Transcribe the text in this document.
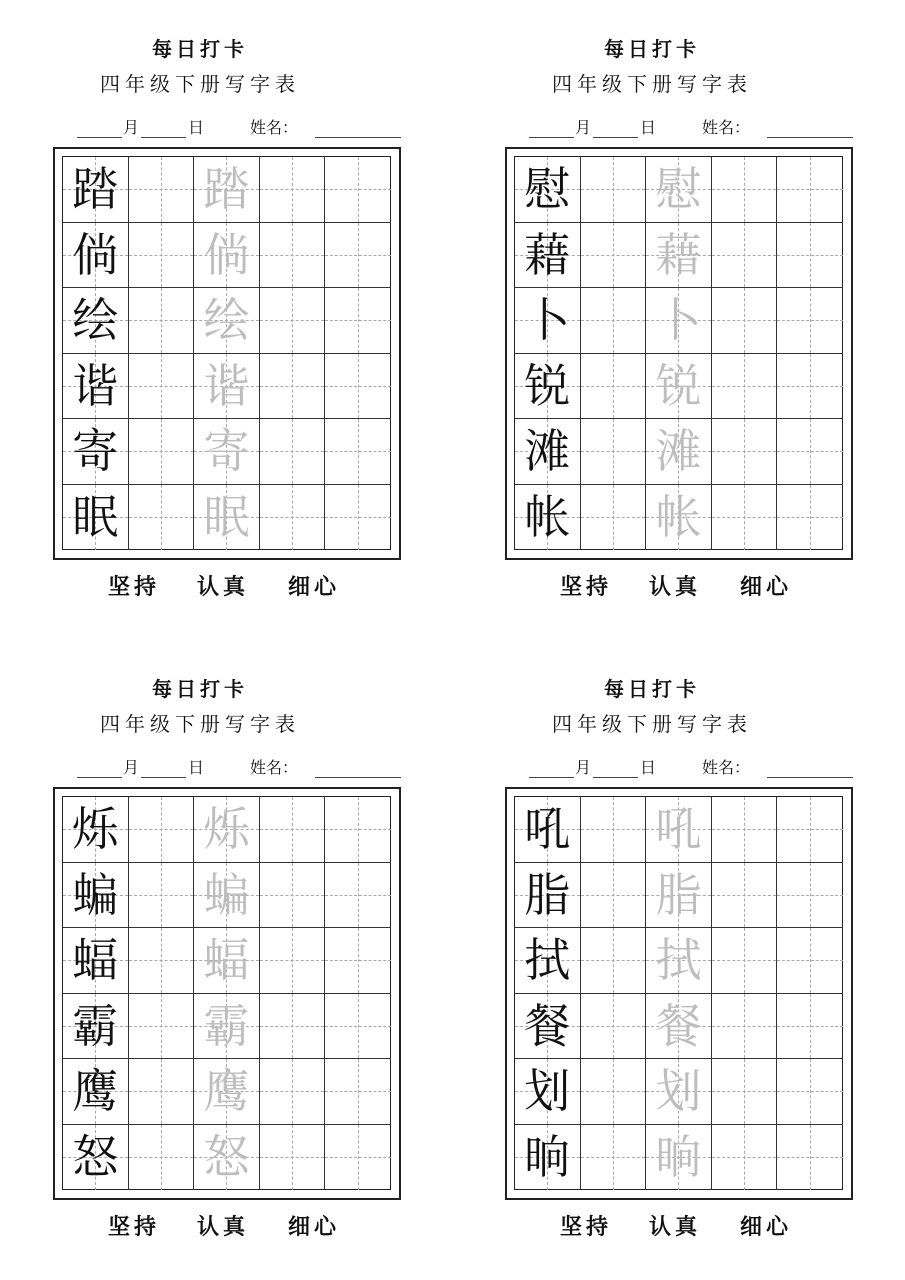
每日打卡
四年级下册写字表
月	日	姓名：
踏 踏
倘 倘
绘 绘
谐 谐
寄 寄
眠 眠
坚持 认真 细心
每日打卡
四年级下册写字表
月	日	姓名：
慰 慰
藉 藉
卜 卜
锐 锐
滩 滩
帐 帐
坚持 认真 细心
每日打卡
四年级下册写字表
月	日	姓名：
烁 烁
蝙 蝙
蝠 蝠
霸 霸
鹰 鹰
怒 怒
坚持 认真 细心
每日打卡
四年级下册写字表
月	日	姓名：
吼 吼
脂 脂
拭 拭
餐 餐
划 划
晌 晌
坚持 认真 细心
